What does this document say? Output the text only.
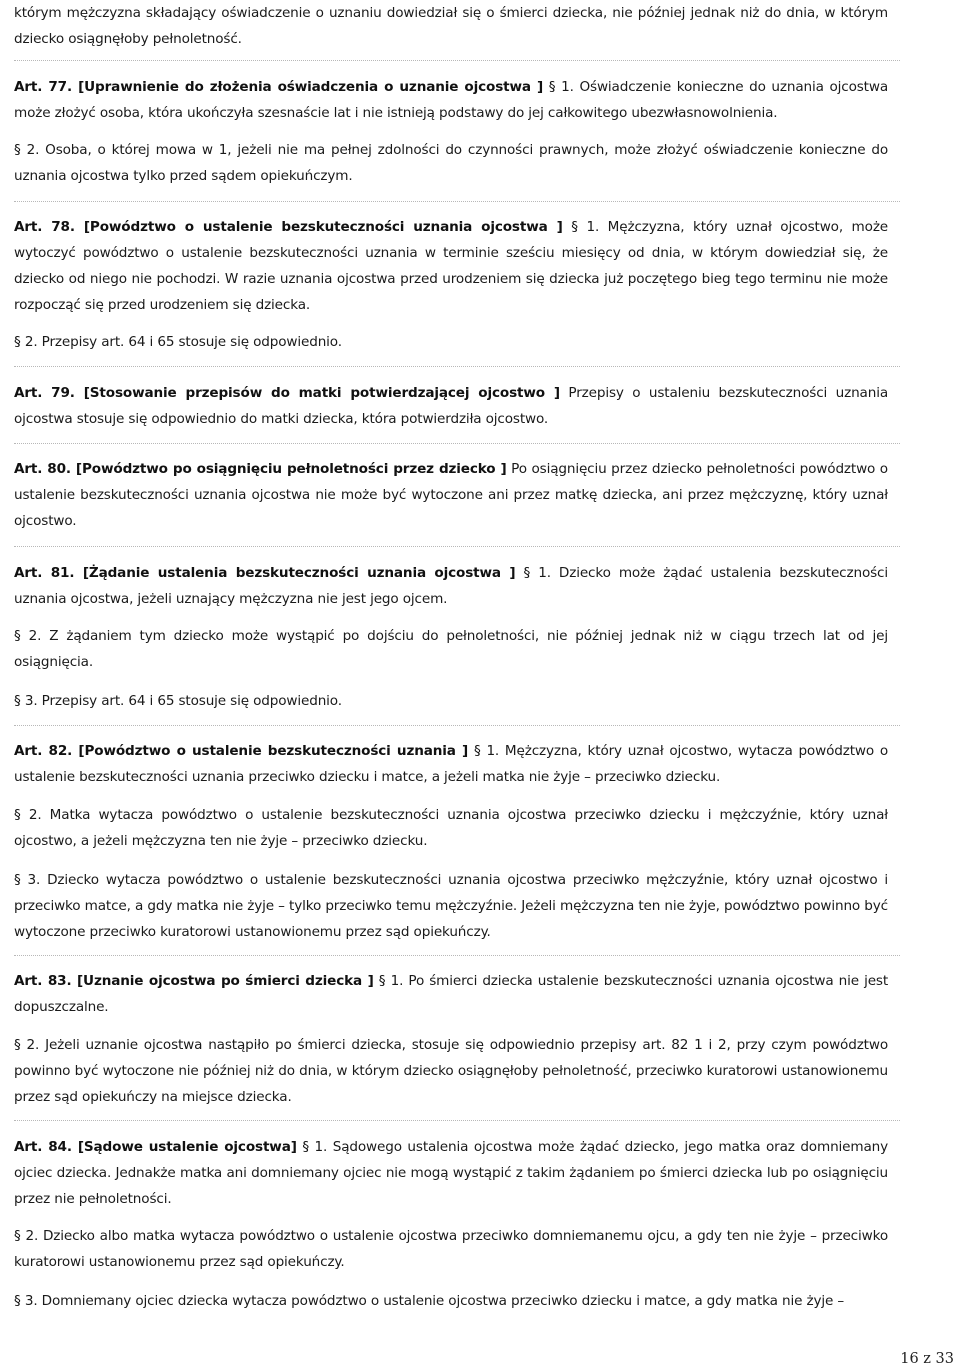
którym mężczyzna składający oświadczenie o uznaniu dowiedział się o śmierci dziecka, nie później jednak niż do dnia, w którym dziecko osiągnęłoby pełnoletność.
Art. 77. [Uprawnienie do złożenia oświadczenia o uznanie ojcostwa ] § 1. Oświadczenie konieczne do uznania ojcostwa może złożyć osoba, która ukończyła szesnaście lat i nie istnieją podstawy do jej całkowitego ubezwłasnowolnienia.
§ 2. Osoba, o której mowa w 1, jeżeli nie ma pełnej zdolności do czynności prawnych, może złożyć oświadczenie konieczne do uznania ojcostwa tylko przed sądem opiekuńczym.
Art. 78. [Powództwo o ustalenie bezskuteczności uznania ojcostwa ] § 1. Mężczyzna, który uznał ojcostwo, może wytoczyć powództwo o ustalenie bezskuteczności uznania w terminie sześciu miesięcy od dnia, w którym dowiedział się, że dziecko od niego nie pochodzi. W razie uznania ojcostwa przed urodzeniem się dziecka już poczętego bieg tego terminu nie może rozpocząć się przed urodzeniem się dziecka.
§ 2. Przepisy art. 64 i 65 stosuje się odpowiednio.
Art. 79. [Stosowanie przepisów do matki potwierdzającej ojcostwo ] Przepisy o ustaleniu bezskuteczności uznania ojcostwa stosuje się odpowiednio do matki dziecka, która potwierdziła ojcostwo.
Art. 80. [Powództwo po osiągnięciu pełnoletności przez dziecko ] Po osiągnięciu przez dziecko pełnoletności powództwo o ustalenie bezskuteczności uznania ojcostwa nie może być wytoczone ani przez matkę dziecka, ani przez mężczyznę, który uznał ojcostwo.
Art. 81. [Żądanie ustalenia bezskuteczności uznania ojcostwa ] § 1. Dziecko może żądać ustalenia bezskuteczności uznania ojcostwa, jeżeli uznający mężczyzna nie jest jego ojcem.
§ 2. Z żądaniem tym dziecko może wystąpić po dojściu do pełnoletności, nie później jednak niż w ciągu trzech lat od jej osiągnięcia.
§ 3. Przepisy art. 64 i 65 stosuje się odpowiednio.
Art. 82. [Powództwo o ustalenie bezskuteczności uznania ] § 1. Mężczyzna, który uznał ojcostwo, wytacza powództwo o ustalenie bezskuteczności uznania przeciwko dziecku i matce, a jeżeli matka nie żyje – przeciwko dziecku.
§ 2. Matka wytacza powództwo o ustalenie bezskuteczności uznania ojcostwa przeciwko dziecku i mężczyźnie, który uznał ojcostwo, a jeżeli mężczyzna ten nie żyje – przeciwko dziecku.
§ 3. Dziecko wytacza powództwo o ustalenie bezskuteczności uznania ojcostwa przeciwko mężczyźnie, który uznał ojcostwo i przeciwko matce, a gdy matka nie żyje – tylko przeciwko temu mężczyźnie. Jeżeli mężczyzna ten nie żyje, powództwo powinno być wytoczone przeciwko kuratorowi ustanowionemu przez sąd opiekuńczy.
Art. 83. [Uznanie ojcostwa po śmierci dziecka ] § 1. Po śmierci dziecka ustalenie bezskuteczności uznania ojcostwa nie jest dopuszczalne.
§ 2. Jeżeli uznanie ojcostwa nastąpiło po śmierci dziecka, stosuje się odpowiednio przepisy art. 82 1 i 2, przy czym powództwo powinno być wytoczone nie później niż do dnia, w którym dziecko osiągnęłoby pełnoletność, przeciwko kuratorowi ustanowionemu przez sąd opiekuńczy na miejsce dziecka.
Art. 84. [Sądowe ustalenie ojcostwa] § 1. Sądowego ustalenia ojcostwa może żądać dziecko, jego matka oraz domniemany ojciec dziecka. Jednakże matka ani domniemany ojciec nie mogą wystąpić z takim żądaniem po śmierci dziecka lub po osiągnięciu przez nie pełnoletności.
§ 2. Dziecko albo matka wytacza powództwo o ustalenie ojcostwa przeciwko domniemanemu ojcu, a gdy ten nie żyje – przeciwko kuratorowi ustanowionemu przez sąd opiekuńczy.
§ 3. Domniemany ojciec dziecka wytacza powództwo o ustalenie ojcostwa przeciwko dziecku i matce, a gdy matka nie żyje –
16 z 33
